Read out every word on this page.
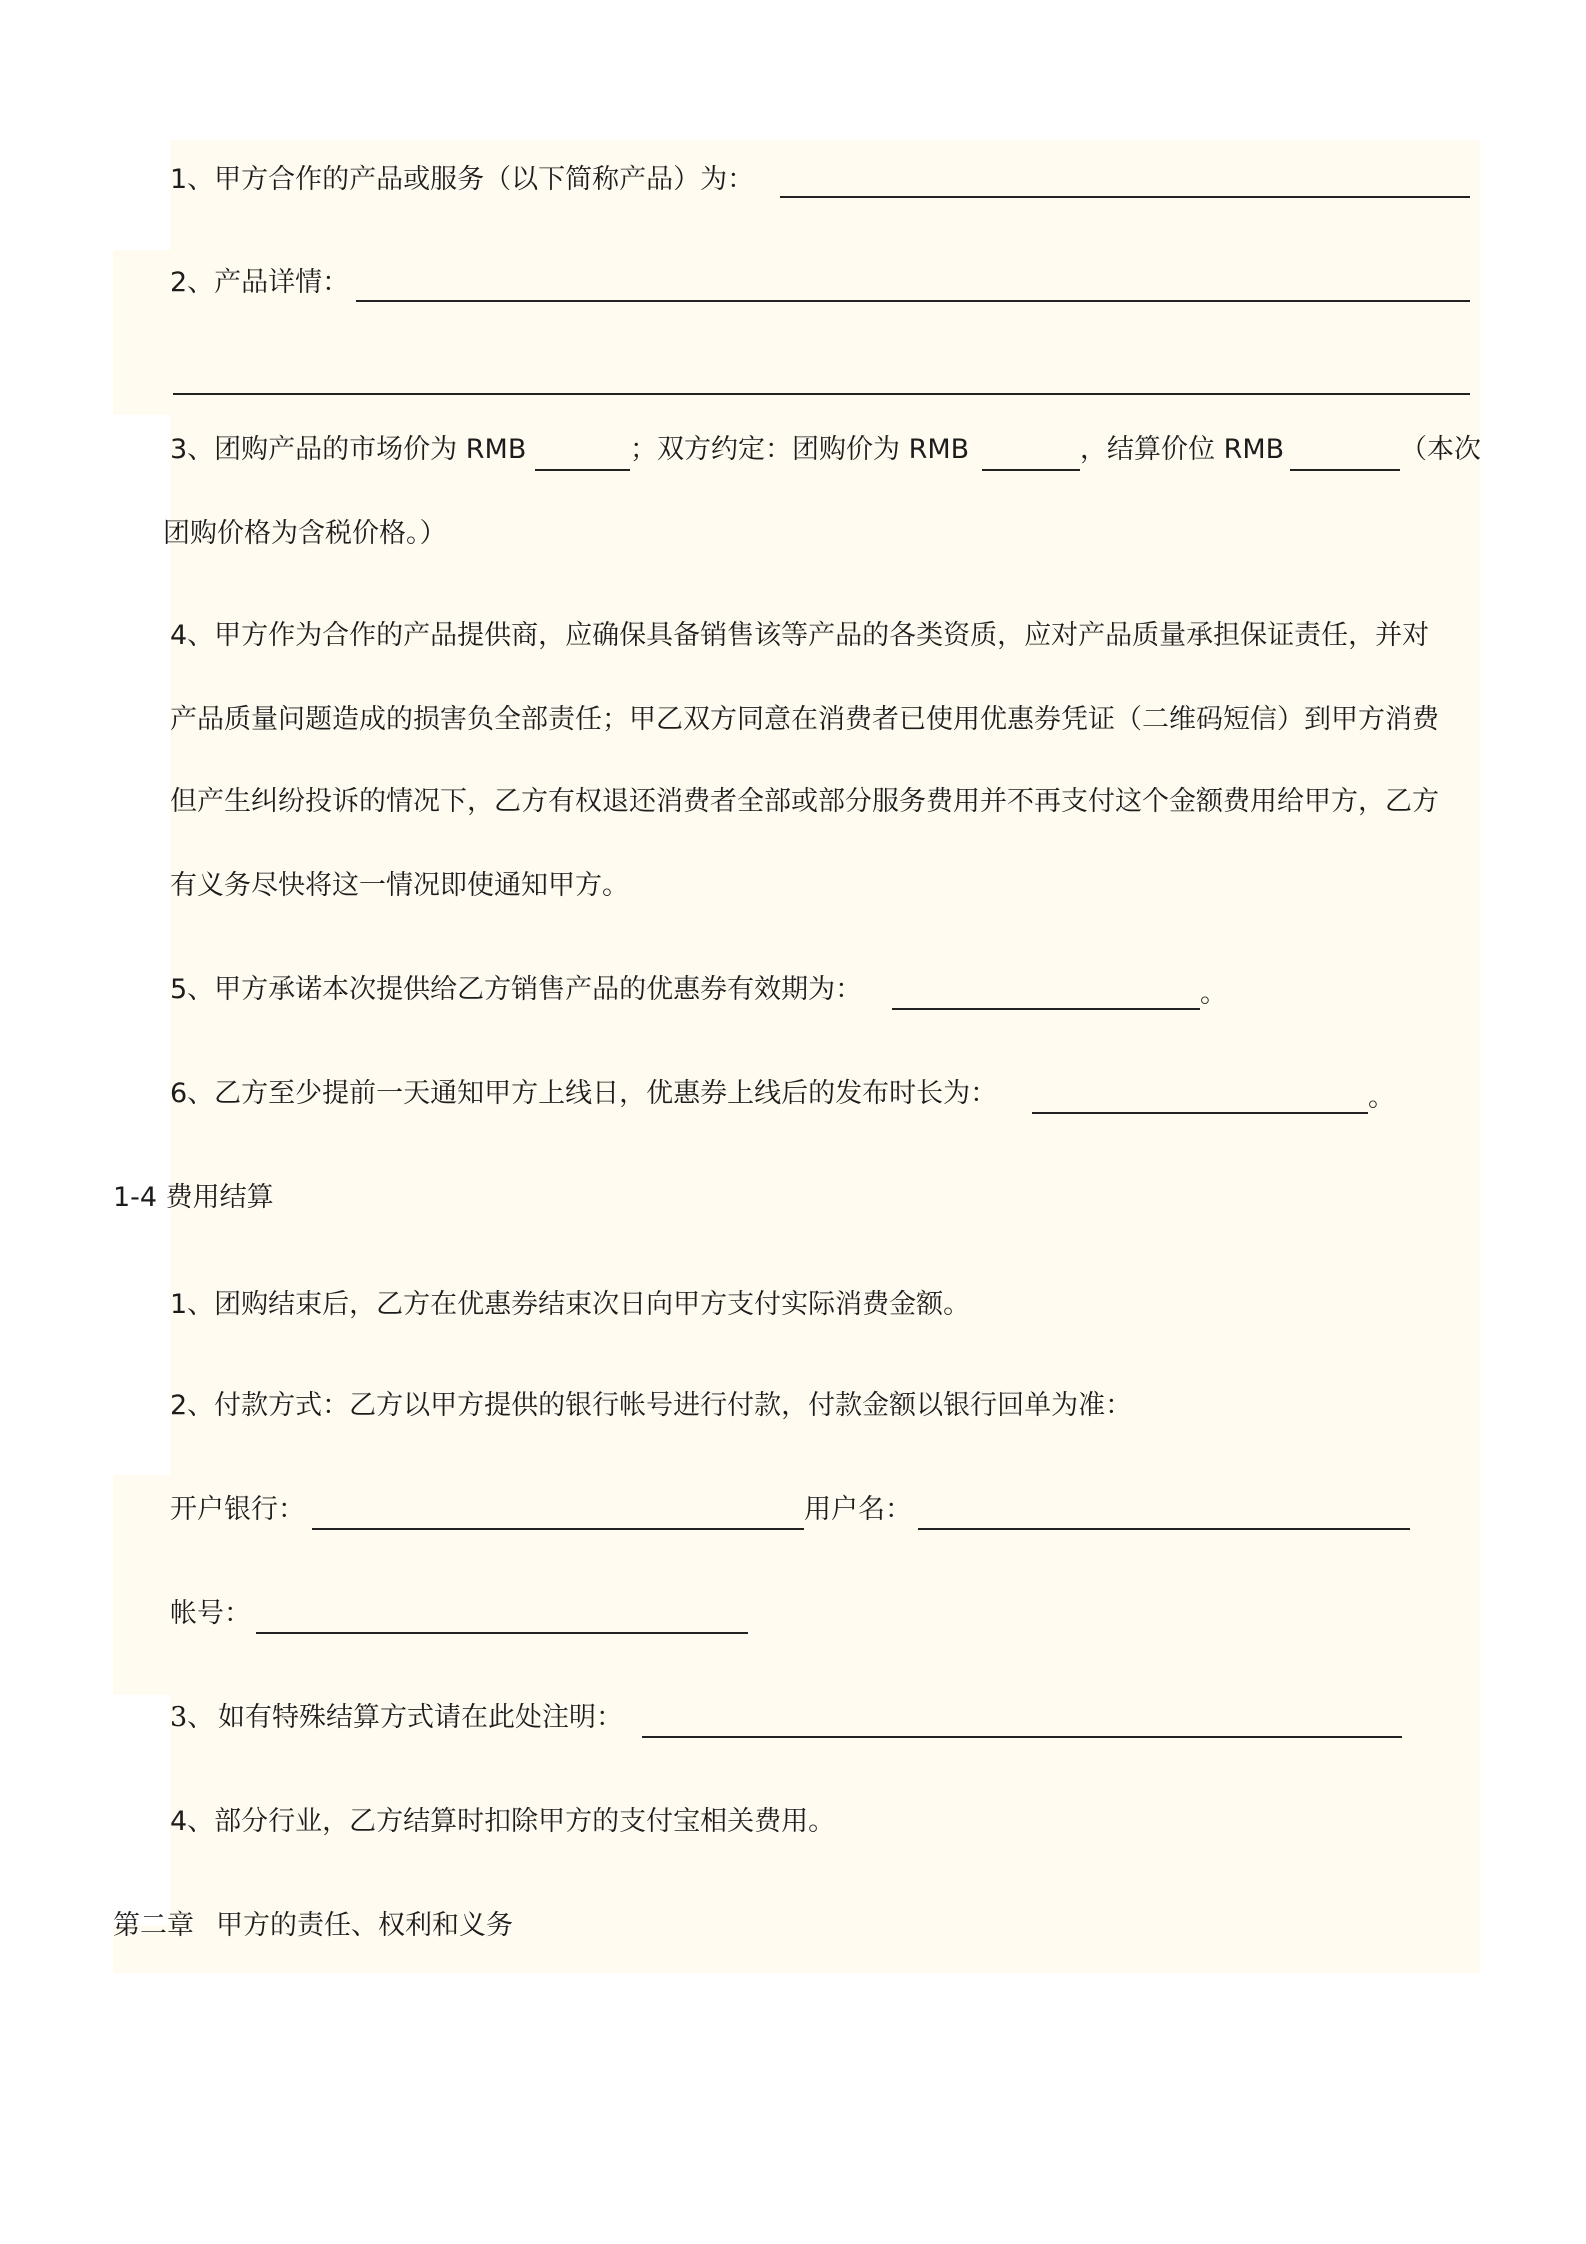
1、甲方合作的产品或服务（以下简称产品）为：
2、产品详情：
3、团购产品的市场价为 RMB	；双方约定：团购价为 RMB	，结算价位 RMB	（本次
团购价格为含税价格。）
4、甲方作为合作的产品提供商，应确保具备销售该等产品的各类资质，应对产品质量承担保证责任，并对
产品质量问题造成的损害负全部责任；甲乙双方同意在消费者已使用优惠券凭证（二维码短信）到甲方消费
但产生纠纷投诉的情况下，乙方有权退还消费者全部或部分服务费用并不再支付这个金额费用给甲方，乙方
有义务尽快将这一情况即使通知甲方。
5、甲方承诺本次提供给乙方销售产品的优惠券有效期为：	。
6、乙方至少提前一天通知甲方上线日，优惠券上线后的发布时长为：	。
1-4 费用结算
1、团购结束后，乙方在优惠券结束次日向甲方支付实际消费金额。
2、付款方式：乙方以甲方提供的银行帐号进行付款，付款金额以银行回单为准：
开户银行：	用户名：
帐号：
3、 如有特殊结算方式请在此处注明：
4、部分行业，乙方结算时扣除甲方的支付宝相关费用。
第二章 甲方的责任、权利和义务
